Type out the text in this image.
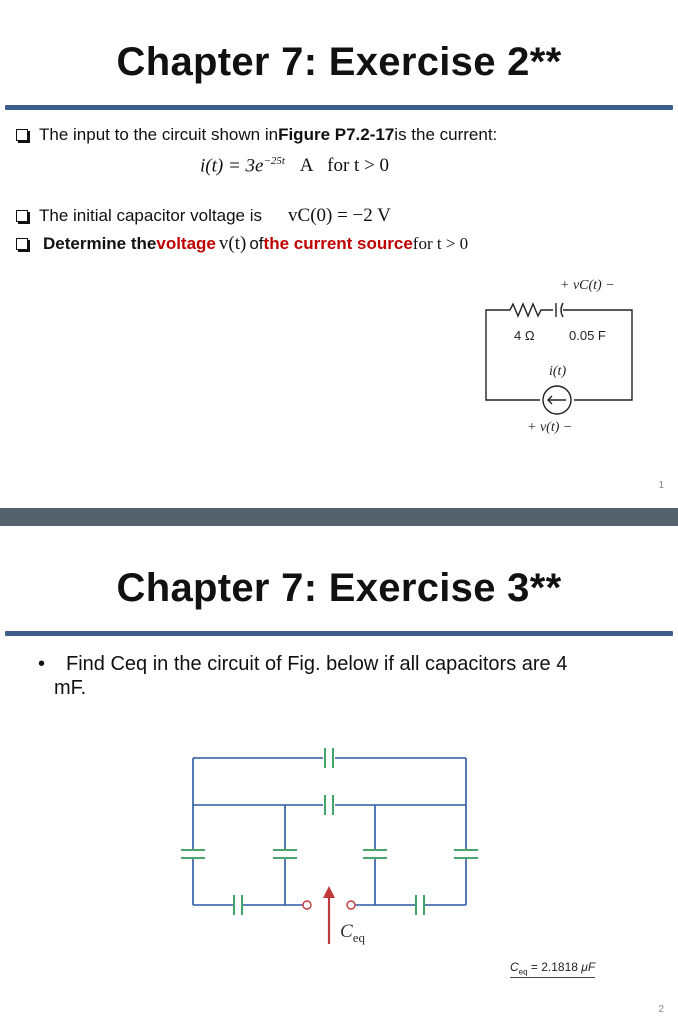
Chapter 7: Exercise 2**
The input to the circuit shown in Figure P7.2-17 is the current:
$i(t) = 3e^{-25t}$ A for t > 0
The initial capacitor voltage is vC(0) = −2 V
Determine the voltage v(t) of the current source for t > 0
+ vC(t) −
4 Ω	0.05 F
i(t)
+ v(t) −
1
Chapter 7: Exercise 3**
• Find Ceq in the circuit of Fig. below if all capacitors are 4
mF.
$C_{eq}$
$C_{eq} = 2.1818$ μF
2
